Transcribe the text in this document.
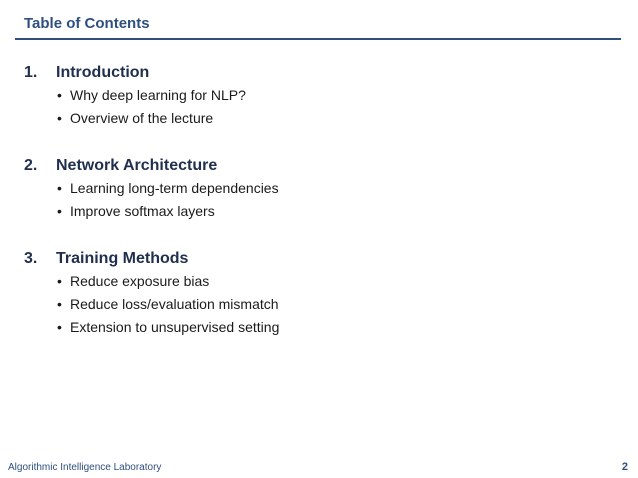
Table of Contents
1. Introduction
• Why deep learning for NLP?
• Overview of the lecture
2. Network Architecture
• Learning long-term dependencies
• Improve softmax layers
3. Training Methods
• Reduce exposure bias
• Reduce loss/evaluation mismatch
• Extension to unsupervised setting
Algorithmic Intelligence Laboratory	2
